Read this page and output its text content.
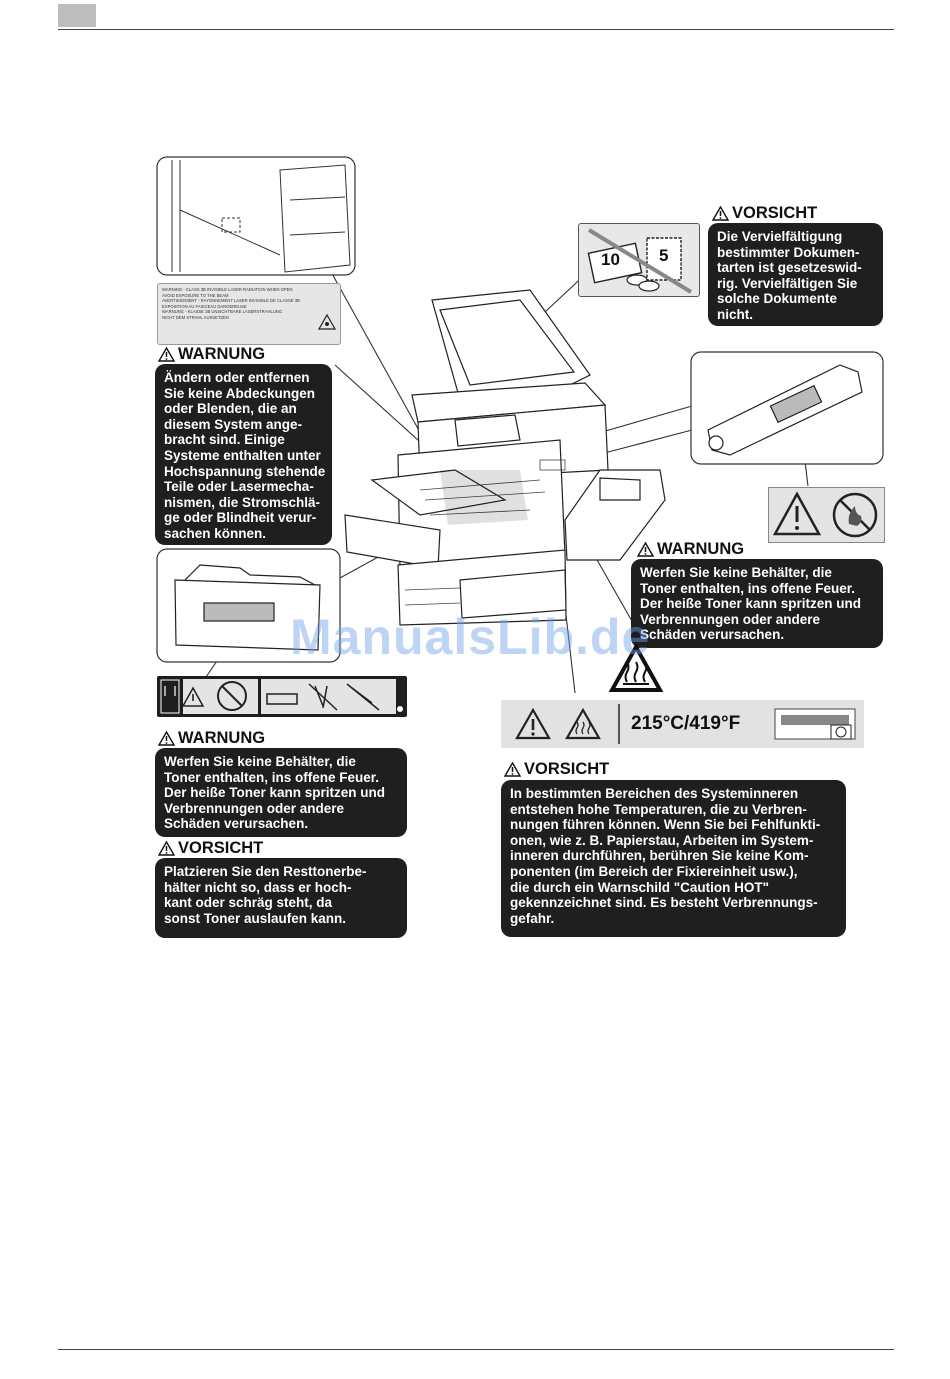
WARNING - CLASS 3B INVISIBLE LASER RADIATION WHEN OPEN
AVOID EXPOSURE TO THE BEAM
AVERTISSEMENT - RAYONNEMENT LASER INVISIBLE DE CLASSE 3B
EXPOSITION AU FAISCEAU DANGEREUSE
WARNUNG - KLASSE 3B UNSICHTBARE LASERSTRAHLUNG
NICHT DEM STRAHL AUSSETZEN
WARNUNG
Ändern oder entfernen
Sie keine Abdeckungen
oder Blenden, die an
diesem System ange-
bracht sind. Einige
Systeme enthalten unter
Hochspannung stehende
Teile oder Lasermecha-
nismen, die Stromschlä-
ge oder Blindheit verur-
sachen können.
10 5
VORSICHT
Die Vervielfältigung
bestimmter Dokumen-
tarten ist gesetzeswid-
rig. Vervielfältigen Sie
solche Dokumente
nicht.
WARNUNG
Werfen Sie keine Behälter, die
Toner enthalten, ins offene Feuer.
Der heiße Toner kann spritzen und
Verbrennungen oder andere
Schäden verursachen.
215°C/419°F
WARNUNG
Werfen Sie keine Behälter, die
Toner enthalten, ins offene Feuer.
Der heiße Toner kann spritzen und
Verbrennungen oder andere
Schäden verursachen.
VORSICHT
Platzieren Sie den Resttonerbe-
hälter nicht so, dass er hoch-
kant oder schräg steht, da
sonst Toner auslaufen kann.
VORSICHT
In bestimmten Bereichen des Systeminneren
entstehen hohe Temperaturen, die zu Verbren-
nungen führen können. Wenn Sie bei Fehlfunkti-
onen, wie z. B. Papierstau, Arbeiten im System-
inneren durchführen, berühren Sie keine Kom-
ponenten (im Bereich der Fixiereinheit usw.),
die durch ein Warnschild "Caution HOT"
gekennzeichnet sind. Es besteht Verbrennungs-
gefahr.
ManualsLib.de
